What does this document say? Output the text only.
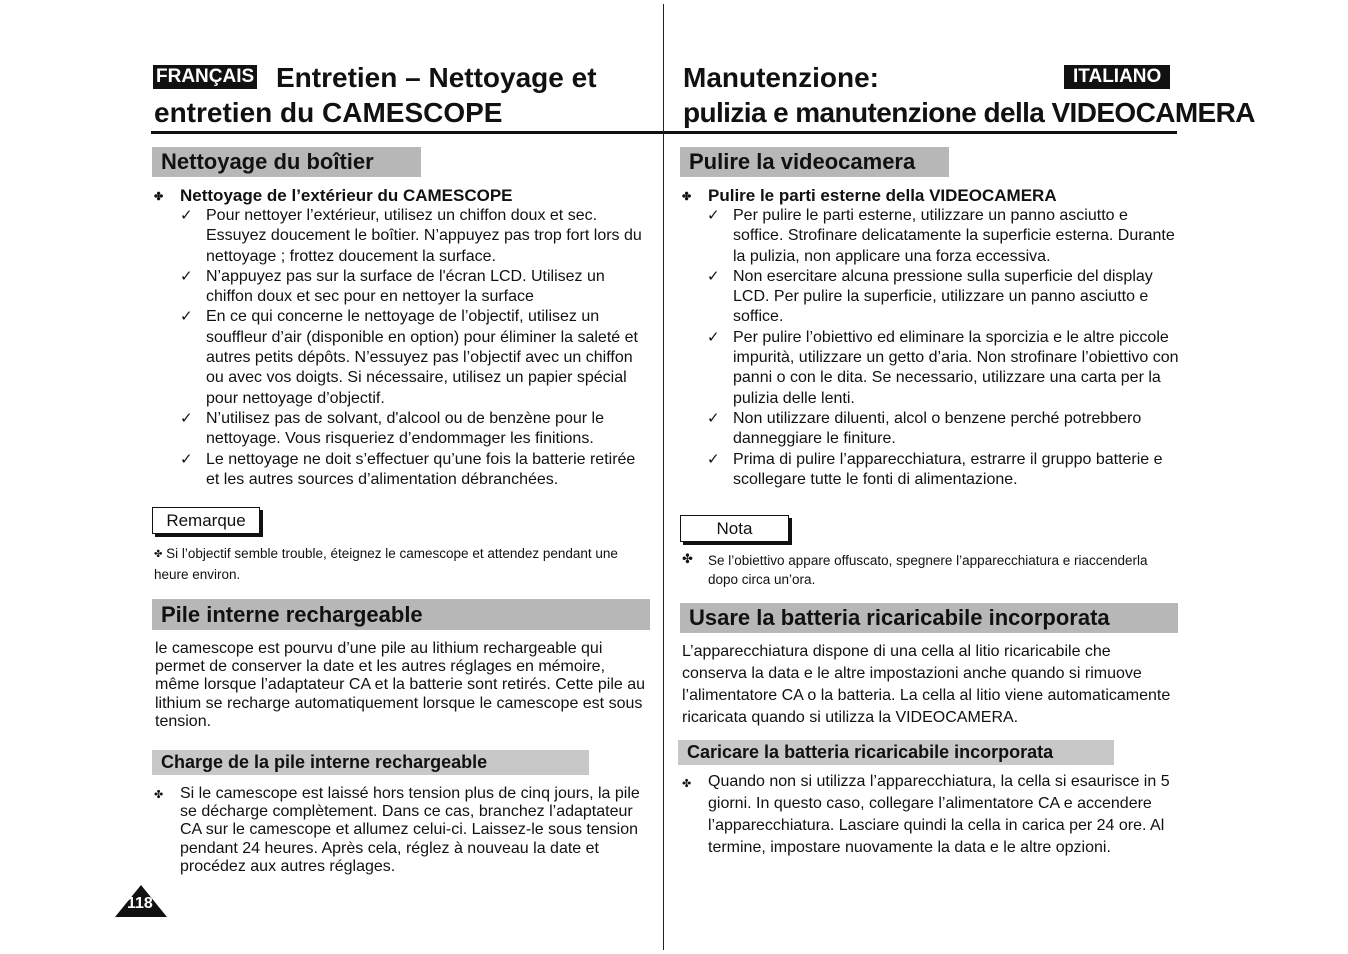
FRANÇAIS Entretien – Nettoyage et
entretien du CAMESCOPE
Nettoyage du boîtier
✤ Nettoyage de l’extérieur du CAMESCOPE
✓ Pour nettoyer l’extérieur, utilisez un chiffon doux et sec. Essuyez doucement le boîtier. N’appuyez pas trop fort lors du nettoyage ; frottez doucement la surface.
✓ N’appuyez pas sur la surface de l'écran LCD. Utilisez un chiffon doux et sec pour en nettoyer la surface
✓ En ce qui concerne le nettoyage de l’objectif, utilisez un souffleur d’air (disponible en option) pour éliminer la saleté et autres petits dépôts. N’essuyez pas l’objectif avec un chiffon ou avec vos doigts. Si nécessaire, utilisez un papier spécial pour nettoyage d’objectif.
✓ N’utilisez pas de solvant, d'alcool ou de benzène pour le nettoyage. Vous risqueriez d’endommager les finitions.
✓ Le nettoyage ne doit s’effectuer qu’une fois la batterie retirée et les autres sources d’alimentation débranchées.
Remarque
✤ Si l’objectif semble trouble, éteignez le camescope et attendez pendant une heure environ.
Pile interne rechargeable

le camescope est pourvu d’une pile au lithium rechargeable qui permet de conserver la date et les autres réglages en mémoire, même lorsque l’adaptateur CA et la batterie sont retirés. Cette pile au lithium se recharge automatiquement lorsque le camescope est sous tension.

Charge de la pile interne rechargeable
✤ Si le camescope est laissé hors tension plus de cinq jours, la pile se décharge complètement. Dans ce cas, branchez l’adaptateur CA sur le camescope et allumez celui-ci. Laissez-le sous tension pendant 24 heures. Après cela, réglez à nouveau la date et procédez aux autres réglages.

118
Manutenzione:	ITALIANO
pulizia e manutenzione della VIDEOCAMERA
Pulire la videocamera
✤ Pulire le parti esterne della VIDEOCAMERA
✓ Per pulire le parti esterne, utilizzare un panno asciutto e soffice. Strofinare delicatamente la superficie esterna. Durante la pulizia, non applicare una forza eccessiva.
✓ Non esercitare alcuna pressione sulla superficie del display LCD. Per pulire la superficie, utilizzare un panno asciutto e soffice.
✓ Per pulire l’obiettivo ed eliminare la sporcizia e le altre piccole impurità, utilizzare un getto d’aria. Non strofinare l’obiettivo con panni o con le dita. Se necessario, utilizzare una carta per la pulizia delle lenti.
✓ Non utilizzare diluenti, alcol o benzene perché potrebbero danneggiare le finiture.
✓ Prima di pulire l’apparecchiatura, estrarre il gruppo batterie e scollegare tutte le fonti di alimentazione.
Nota
✤ Se l’obiettivo appare offuscato, spegnere l’apparecchiatura e riaccenderla dopo circa un’ora.

Usare la batteria ricaricabile incorporata

L’apparecchiatura dispone di una cella al litio ricaricabile che conserva la data e le altre impostazioni anche quando si rimuove l’alimentatore CA o la batteria. La cella al litio viene automaticamente ricaricata quando si utilizza la VIDEOCAMERA.

Caricare la batteria ricaricabile incorporata
✤ Quando non si utilizza l’apparecchiatura, la cella si esaurisce in 5 giorni. In questo caso, collegare l’alimentatore CA e accendere l’apparecchiatura. Lasciare quindi la cella in carica per 24 ore. Al termine, impostare nuovamente la data e le altre opzioni.
